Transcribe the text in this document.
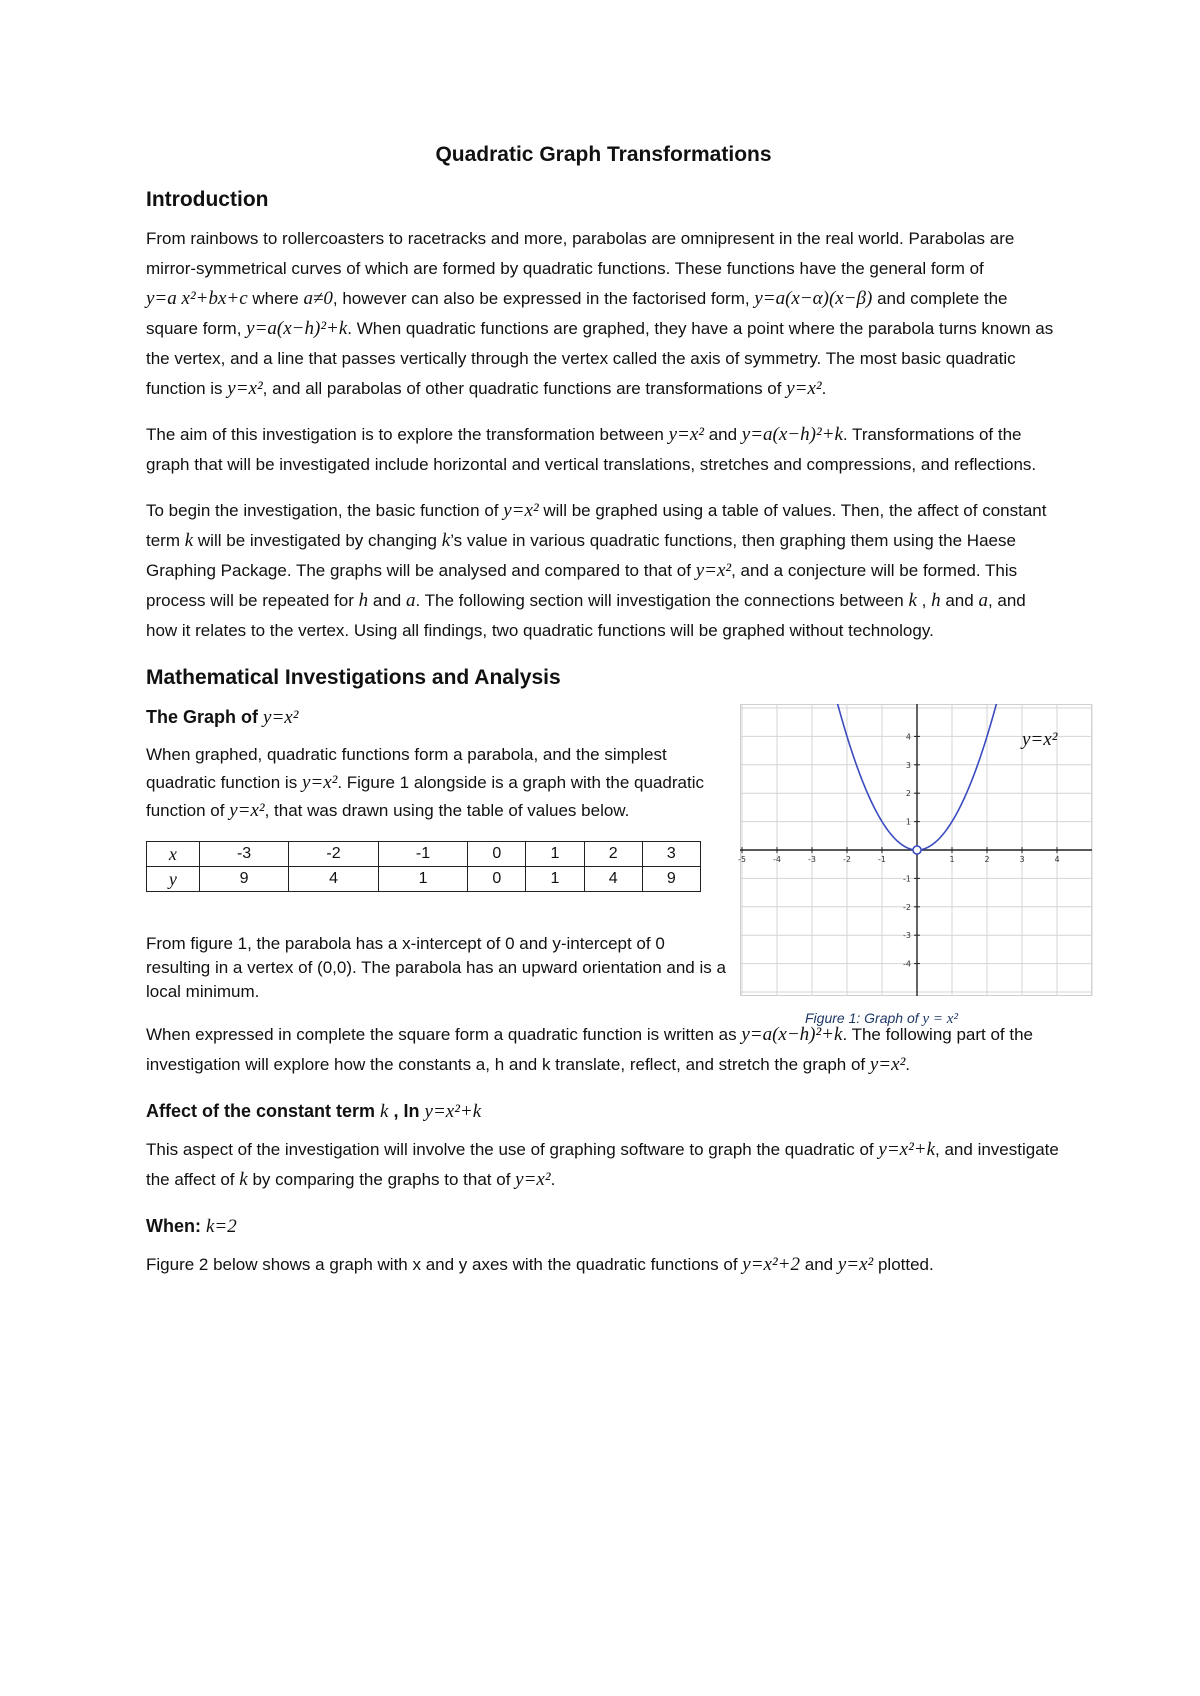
Quadratic Graph Transformations
Introduction

From rainbows to rollercoasters to racetracks and more, parabolas are omnipresent in the real world. Parabolas are mirror-symmetrical curves of which are formed by quadratic functions. These functions have the general form of y=a x²+bx+c where a≠0, however can also be expressed in the factorised form, y=a(x−α)(x−β) and complete the square form, y=a(x−h)²+k. When quadratic functions are graphed, they have a point where the parabola turns known as the vertex, and a line that passes vertically through the vertex called the axis of symmetry. The most basic quadratic function is y=x², and all parabolas of other quadratic functions are transformations of y=x².

The aim of this investigation is to explore the transformation between y=x² and y=a(x−h)²+k. Transformations of the graph that will be investigated include horizontal and vertical translations, stretches and compressions, and reflections.

To begin the investigation, the basic function of y=x² will be graphed using a table of values. Then, the affect of constant term k will be investigated by changing k’s value in various quadratic functions, then graphing them using the Haese Graphing Package. The graphs will be analysed and compared to that of y=x², and a conjecture will be formed. This process will be repeated for h and a. The following section will investigation the connections between k , h and a, and how it relates to the vertex. Using all findings, two quadratic functions will be graphed without technology.

Mathematical Investigations and Analysis
The Graph of y=x²

When graphed, quadratic functions form a parabola, and the simplest quadratic function is y=x². Figure 1 alongside is a graph with the quadratic function of y=x², that was drawn using the table of values below.

x	-3	-2	-1	0	1	2	3
y	9	4	1	0	1	4	9

From figure 1, the parabola has a x-intercept of 0 and y-intercept of 0 resulting in a vertex of (0,0). The parabola has an upward orientation and is a local minimum.

-5	-4	-3	-2	-1	1	2	3	4
4
3
2
1
-1
-2
-3
-4
y=x²
Figure 1: Graph of y = x²

When expressed in complete the square form a quadratic function is written as y=a(x−h)²+k. The following part of the investigation will explore how the constants a, h and k translate, reflect, and stretch the graph of y=x².

Affect of the constant term k , In y=x²+k

This aspect of the investigation will involve the use of graphing software to graph the quadratic of y=x²+k, and investigate the affect of k by comparing the graphs to that of y=x².

When: k=2

Figure 2 below shows a graph with x and y axes with the quadratic functions of y=x²+2 and y=x² plotted.
